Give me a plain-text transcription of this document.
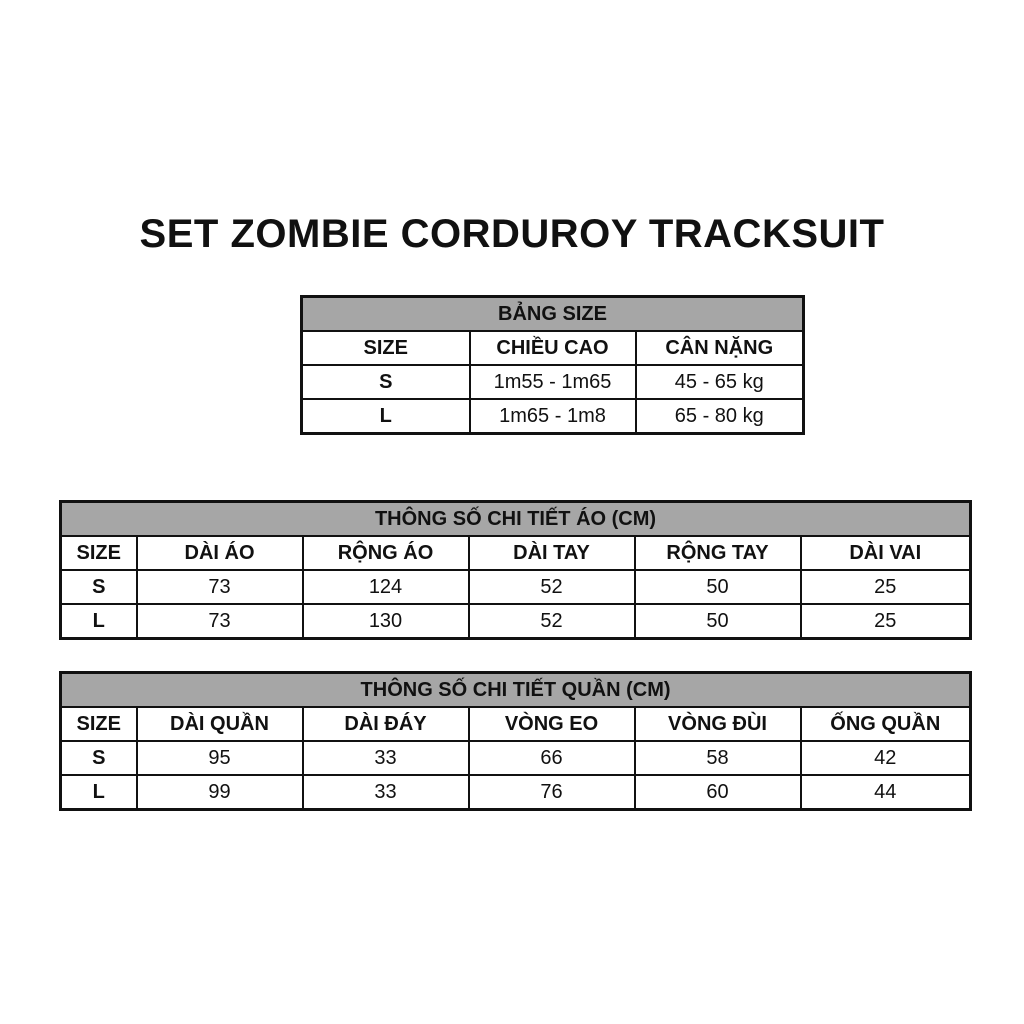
SET ZOMBIE CORDUROY TRACKSUIT
BẢNG SIZE		
SIZE	CHIỀU CAO	CÂN NẶNG
S	1m55 - 1m65	45 - 65 kg
L	1m65 - 1m8	65 - 80 kg
THÔNG SỐ CHI TIẾT ÁO (CM)					
SIZE	DÀI ÁO	RỘNG ÁO	DÀI TAY	RỘNG TAY	DÀI VAI
S	73	124	52	50	25
L	73	130	52	50	25
THÔNG SỐ CHI TIẾT QUẦN (CM)					
SIZE	DÀI QUẦN	DÀI ĐÁY	VÒNG EO	VÒNG ĐÙI	ỐNG QUẦN
S	95	33	66	58	42
L	99	33	76	60	44
